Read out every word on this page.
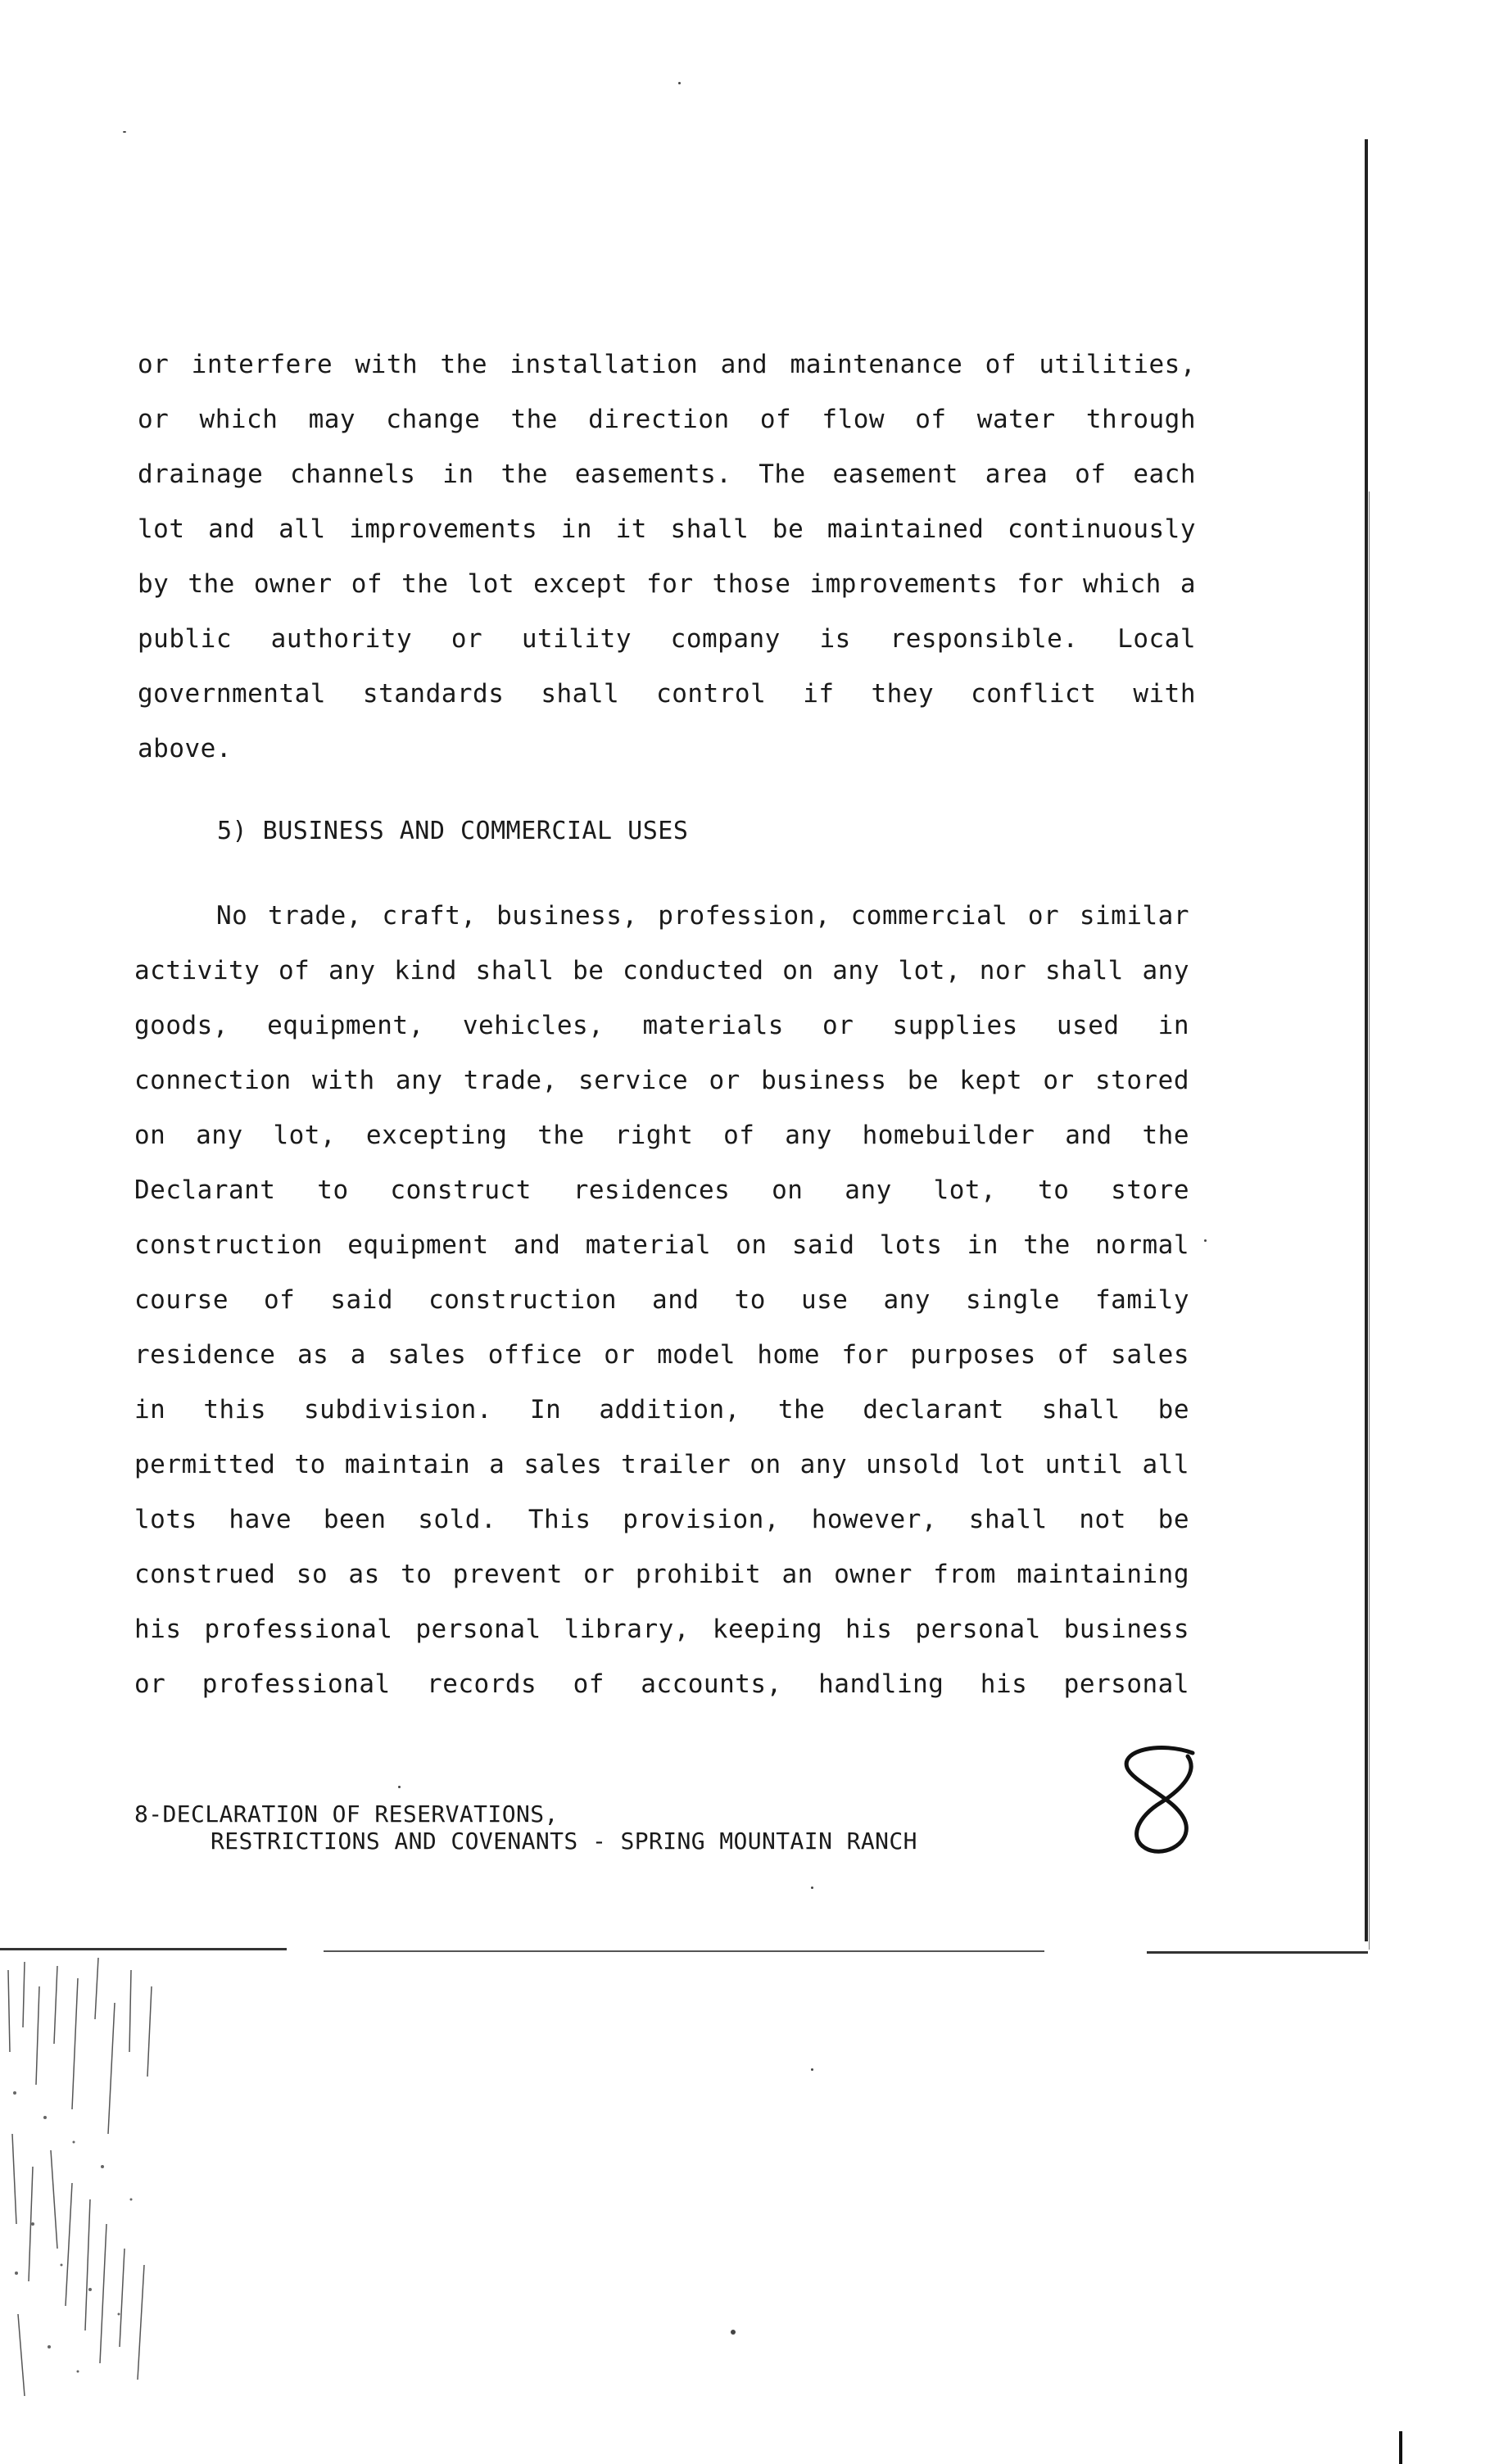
or interfere with the installation and maintenance of utilities,
or which may change the direction of flow of water through
drainage channels in the easements. The easement area of each
lot and all improvements in it shall be maintained continuously
by the owner of the lot except for those improvements for which a
public authority or utility company is responsible. Local
governmental standards shall control if they conflict with
above.
5) BUSINESS AND COMMERCIAL USES
No trade, craft, business, profession, commercial or similar
activity of any kind shall be conducted on any lot, nor shall any
goods, equipment, vehicles, materials or supplies used in
connection with any trade, service or business be kept or stored
on any lot, excepting the right of any homebuilder and the
Declarant to construct residences on any lot, to store
construction equipment and material on said lots in the normal
course of said construction and to use any single family
residence as a sales office or model home for purposes of sales
in this subdivision. In addition, the declarant shall be
permitted to maintain a sales trailer on any unsold lot until all
lots have been sold. This provision, however, shall not be
construed so as to prevent or prohibit an owner from maintaining
his professional personal library, keeping his personal business
or professional records of accounts, handling his personal
8-DECLARATION OF RESERVATIONS,
RESTRICTIONS AND COVENANTS - SPRING MOUNTAIN RANCH
